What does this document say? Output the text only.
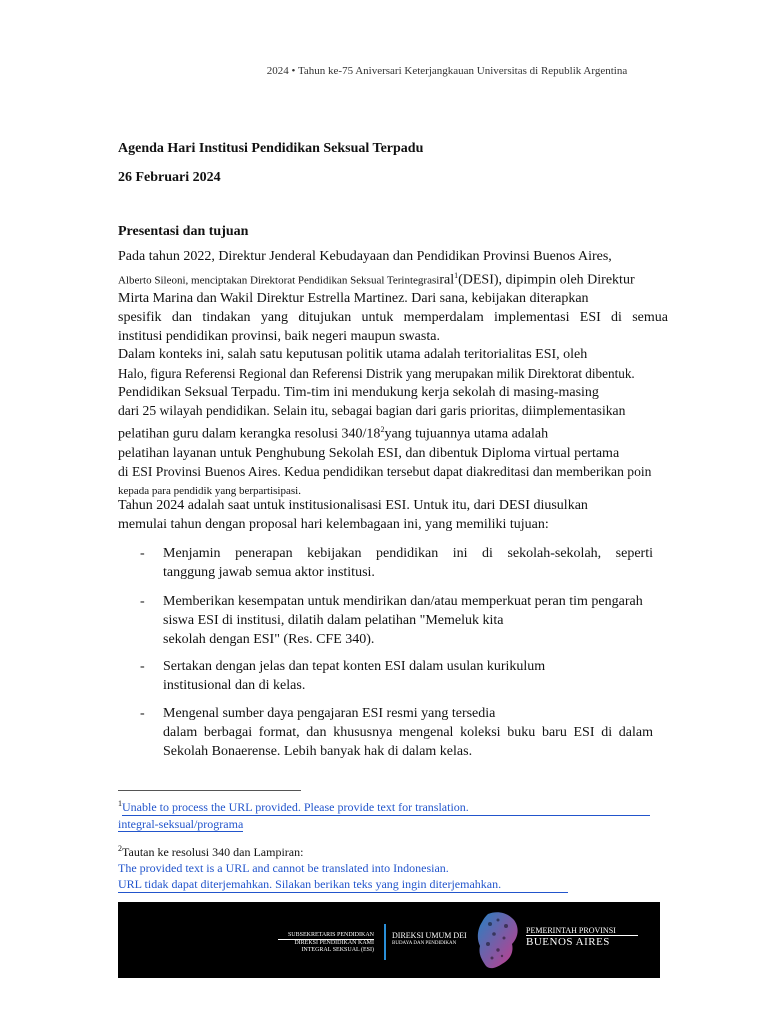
2024 • Tahun ke-75 Aniversari Keterjangkauan Universitas di Republik Argentina
Agenda Hari Institusi Pendidikan Seksual Terpadu
26 Februari 2024
Presentasi dan tujuan
Pada tahun 2022, Direktur Jenderal Kebudayaan dan Pendidikan Provinsi Buenos Aires,
Alberto Sileoni, menciptakan Direktorat Pendidikan Seksual Terintegrasiral$^1$(DESI), dipimpin oleh Direktur
Mirta Marina dan Wakil Direktur Estrella Martinez. Dari sana, kebijakan diterapkan
spesifik dan tindakan yang ditujukan untuk memperdalam implementasi ESI di semua
institusi pendidikan provinsi, baik negeri maupun swasta.
Dalam konteks ini, salah satu keputusan politik utama adalah teritorialitas ESI, oleh
Halo, figura Referensi Regional dan Referensi Distrik yang merupakan milik Direktorat dibentuk.
Pendidikan Seksual Terpadu. Tim-tim ini mendukung kerja sekolah di masing-masing
dari 25 wilayah pendidikan. Selain itu, sebagai bagian dari garis prioritas, diimplementasikan
pelatihan guru dalam kerangka resolusi $340/18^2yang$ tujuannya utama adalah
pelatihan layanan untuk Penghubung Sekolah ESI, dan dibentuk Diploma virtual pertama
di ESI Provinsi Buenos Aires. Kedua pendidikan tersebut dapat diakreditasi dan memberikan poin
kepada para pendidik yang berpartisipasi.
Tahun 2024 adalah saat untuk institusionalisasi ESI. Untuk itu, dari DESI diusulkan
memulai tahun dengan proposal hari kelembagaan ini, yang memiliki tujuan:
- Menjamin penerapan kebijakan pendidikan ini di sekolah-sekolah, seperti
tanggung jawab semua aktor institusi.
- Memberikan kesempatan untuk mendirikan dan/atau memperkuat peran tim pengarah
siswa ESI di institusi, dilatih dalam pelatihan "Memeluk kita
sekolah dengan ESI" (Res. CFE 340).
- Sertakan dengan jelas dan tepat konten ESI dalam usulan kurikulum
institusional dan di kelas.
- Mengenal sumber daya pengajaran ESI resmi yang tersedia
dalam berbagai format, dan khususnya mengenal koleksi buku baru ESI di dalam
Sekolah Bonaerense. Lebih banyak hak di dalam kelas.
$^1$Unable to process the URL provided. Please provide text for translation.
integral-seksual/programa
$^2$Tautan ke resolusi 340 dan Lampiran:
The provided text is a URL and cannot be translated into Indonesian.
URL tidak dapat diterjemahkan. Silakan berikan teks yang ingin diterjemahkan.
SUBSEKRETARIS PENDIDIKAN
DIREKSI PENDIDIKAN KAMI
INTEGRAL SEKSUAL (ESI)
DIREKSI UMUM DEI
BUDAYA DAN PENDIDIKAN
PEMERINTAH PROVINSI
BUENOS AIRES
